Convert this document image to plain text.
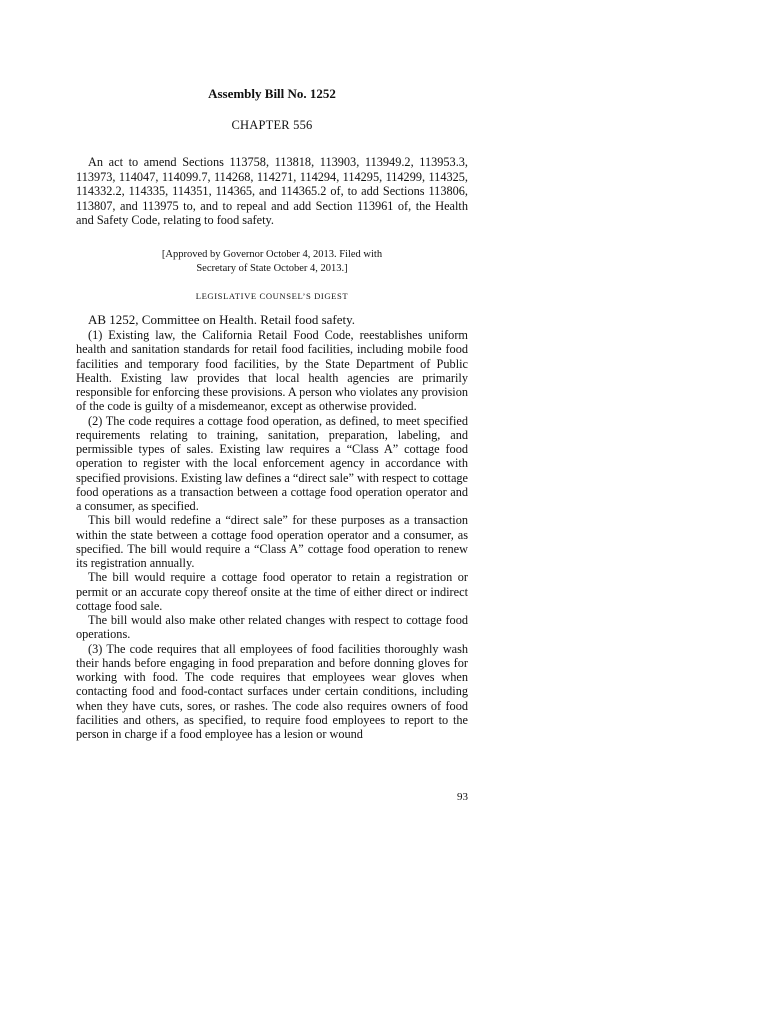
Assembly Bill No. 1252
CHAPTER 556

An act to amend Sections 113758, 113818, 113903, 113949.2, 113953.3, 113973, 114047, 114099.7, 114268, 114271, 114294, 114295, 114299, 114325, 114332.2, 114335, 114351, 114365, and 114365.2 of, to add Sections 113806, 113807, and 113975 to, and to repeal and add Section 113961 of, the Health and Safety Code, relating to food safety.

[Approved by Governor October 4, 2013. Filed with
Secretary of State October 4, 2013.]
LEGISLATIVE COUNSEL’S DIGEST

AB 1252, Committee on Health. Retail food safety.

(1) Existing law, the California Retail Food Code, reestablishes uniform health and sanitation standards for retail food facilities, including mobile food facilities and temporary food facilities, by the State Department of Public Health. Existing law provides that local health agencies are primarily responsible for enforcing these provisions. A person who violates any provision of the code is guilty of a misdemeanor, except as otherwise provided.

(2) The code requires a cottage food operation, as defined, to meet specified requirements relating to training, sanitation, preparation, labeling, and permissible types of sales. Existing law requires a “Class A” cottage food operation to register with the local enforcement agency in accordance with specified provisions. Existing law defines a “direct sale” with respect to cottage food operations as a transaction between a cottage food operation operator and a consumer, as specified.

This bill would redefine a “direct sale” for these purposes as a transaction within the state between a cottage food operation operator and a consumer, as specified. The bill would require a “Class A” cottage food operation to renew its registration annually.

The bill would require a cottage food operator to retain a registration or permit or an accurate copy thereof onsite at the time of either direct or indirect cottage food sale.

The bill would also make other related changes with respect to cottage food operations.

(3) The code requires that all employees of food facilities thoroughly wash their hands before engaging in food preparation and before donning gloves for working with food. The code requires that employees wear gloves when contacting food and food-contact surfaces under certain conditions, including when they have cuts, sores, or rashes. The code also requires owners of food facilities and others, as specified, to require food employees to report to the person in charge if a food employee has a lesion or wound

93
